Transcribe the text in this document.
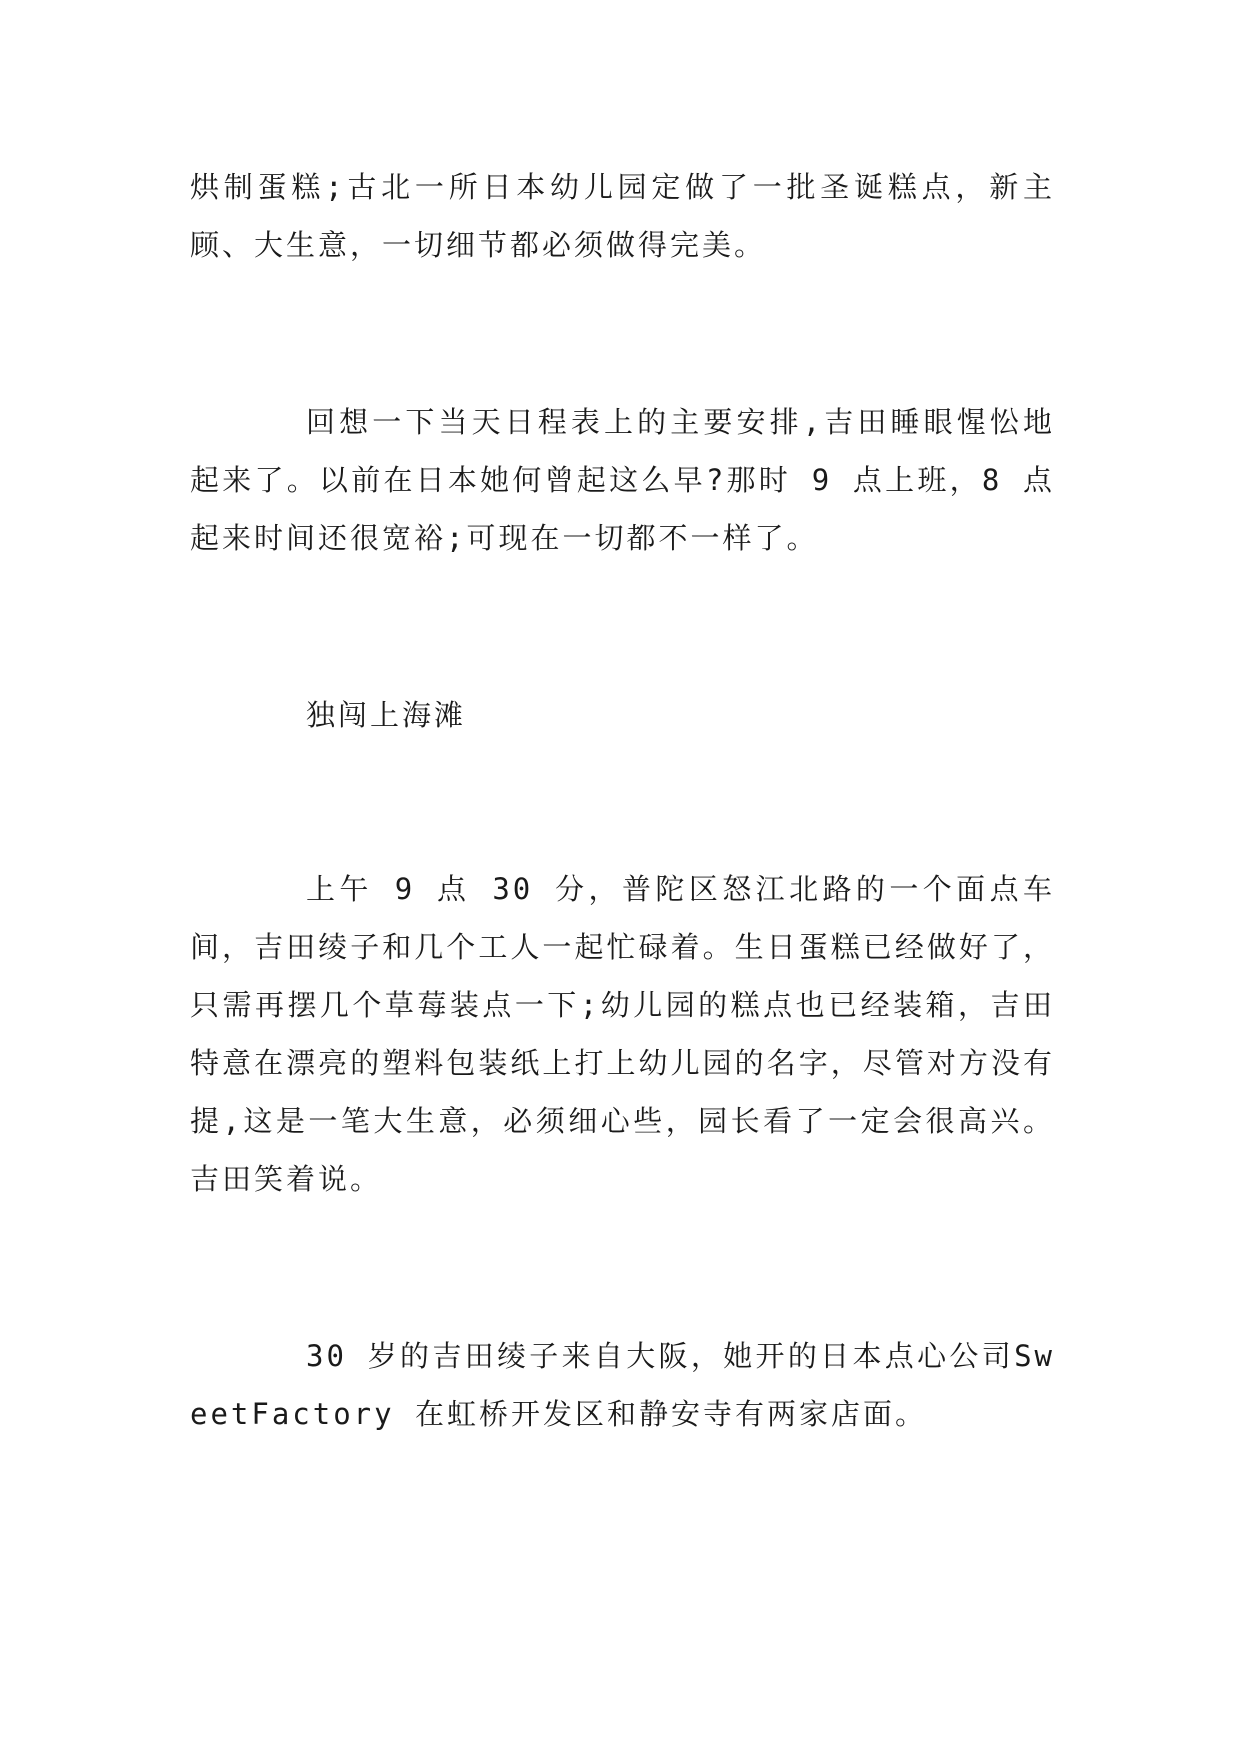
烘制蛋糕;古北一所日本幼儿园定做了一批圣诞糕点，新主顾、大生意，一切细节都必须做得完美。

回想一下当天日程表上的主要安排,吉田睡眼惺忪地起来了。以前在日本她何曾起这么早?那时 9 点上班，8 点起来时间还很宽裕;可现在一切都不一样了。

独闯上海滩

上午 9 点 30 分，普陀区怒江北路的一个面点车间，吉田绫子和几个工人一起忙碌着。生日蛋糕已经做好了，只需再摆几个草莓装点一下;幼儿园的糕点也已经装箱，吉田特意在漂亮的塑料包装纸上打上幼儿园的名字，尽管对方没有提,这是一笔大生意，必须细心些，园长看了一定会很高兴。吉田笑着说。

30 岁的吉田绫子来自大阪，她开的日本点心公司SweetFactory 在虹桥开发区和静安寺有两家店面。
